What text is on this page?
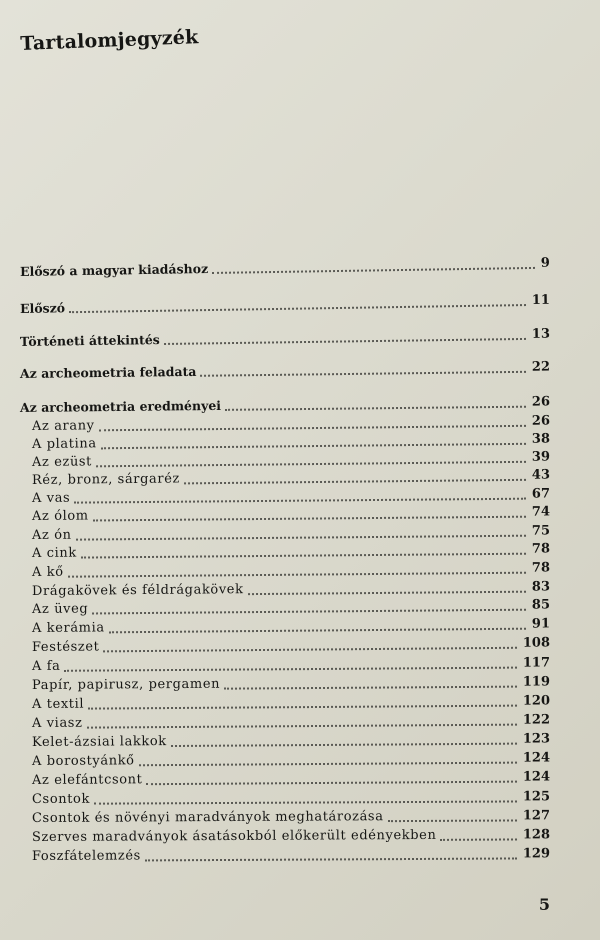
Tartalomjegyzék
Előszó a magyar kiadáshoz	9
Előszó	11
Történeti áttekintés	13
Az archeometria feladata	22
Az archeometria eredményei	26
Az arany	26
A platina	38
Az ezüst	39
Réz, bronz, sárgaréz	43
A vas	67
Az ólom	74
Az ón	75
A cink	78
A kő	78
Drágakövek és féldrágakövek	83
Az üveg	85
A kerámia	91
Festészet	108
A fa	117
Papír, papirusz, pergamen	119
A textil	120
A viasz	122
Kelet-ázsiai lakkok	123
A borostyánkő	124
Az elefántcsont	124
Csontok	125
Csontok és növényi maradványok meghatározása	127
Szerves maradványok ásatásokból előkerült edényekben	128
Foszfátelemzés	129
5
